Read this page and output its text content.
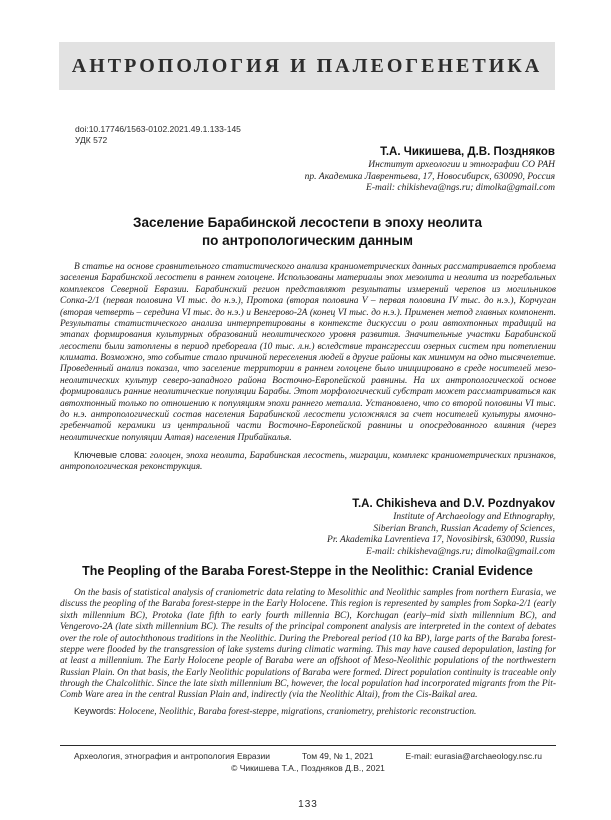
АНТРОПОЛОГИЯ И ПАЛЕОГЕНЕТИКА
doi:10.17746/1563-0102.2021.49.1.133-145
УДК 572
Т.А. Чикишева, Д.В. Поздняков
Институт археологии и этнографии СО РАН
пр. Академика Лаврентьева, 17, Новосибирск, 630090, Россия
E-mail: chikisheva@ngs.ru; dimolka@gmail.com
Заселение Барабинской лесостепи в эпоху неолита
по антропологическим данным

В статье на основе сравнительного статистического анализа краниометрических данных рассматривается проблема заселения Барабинской лесостепи в раннем голоцене. Использованы материалы эпох мезолита и неолита из погребальных комплексов Северной Евразии. Барабинский регион представляют результаты измерений черепов из могильников Сопка-2/1 (первая половина VI тыс. до н.э.), Протока (вторая половина V – первая половина IV тыс. до н.э.), Корчуган (вторая четверть – середина VI тыс. до н.э.) и Венгерово-2А (конец VI тыс. до н.э.). Применен метод главных компонент. Результаты статистического анализа интерпретированы в контексте дискуссии о роли автохтонных традиций на этапах формирования культурных образований неолитического уровня развития. Значительные участки Барабинской лесостепи были затоплены в период пребореала (10 тыс. л.н.) вследствие трансгрессии озерных систем при потеплении климата. Возможно, это событие стало причиной переселения людей в другие районы как минимум на одно тысячелетие. Проведенный анализ показал, что заселение территории в раннем голоцене было инициировано в среде носителей мезо-неолитических культур северо-западного района Восточно-Европейской равнины. На их антропологической основе формировались ранние неолитические популяции Барабы. Этот морфологический субстрат может рассматриваться как автохтонный только по отношению к популяциям эпохи раннего металла. Установлено, что со второй половины VI тыс. до н.э. антропологический состав населения Барабинской лесостепи усложнялся за счет носителей культуры ямочно-гребенчатой керамики из центральной части Восточно-Европейской равнины и опосредованного влияния (через неолитические популяции Алтая) населения Прибайкалья.

Ключевые слова: голоцен, эпоха неолита, Барабинская лесостепь, миграции, комплекс краниометрических признаков, антропологическая реконструкция.

T.A. Chikisheva and D.V. Pozdnyakov
Institute of Archaeology and Ethnography,
Siberian Branch, Russian Academy of Sciences,
Pr. Akademika Lavrentieva 17, Novosibirsk, 630090, Russia
E-mail: chikisheva@ngs.ru; dimolka@gmail.com
The Peopling of the Baraba Forest-Steppe in the Neolithic: Cranial Evidence

On the basis of statistical analysis of craniometric data relating to Mesolithic and Neolithic samples from northern Eurasia, we discuss the peopling of the Baraba forest-steppe in the Early Holocene. This region is represented by samples from Sopka-2/1 (early sixth millennium BC), Protoka (late fifth to early fourth millennia BC), Korchugan (early–mid sixth millennium BC), and Vengerovo-2A (late sixth millennium BC). The results of the principal component analysis are interpreted in the context of debates over the role of autochthonous traditions in the Neolithic. During the Preboreal period (10 ka BP), large parts of the Baraba forest-steppe were flooded by the transgression of lake systems during climatic warming. This may have caused depopulation, lasting for at least a millennium. The Early Holocene people of Baraba were an offshoot of Meso-Neolithic populations of the northwestern Russian Plain. On that basis, the Early Neolithic populations of Baraba were formed. Direct population continuity is traceable only through the Chalcolithic. Since the late sixth millennium BC, however, the local population had incorporated migrants from the Pit-Comb Ware area in the central Russian Plain and, indirectly (via the Neolithic Altai), from the Cis-Baikal area.

Keywords: Holocene, Neolithic, Baraba forest-steppe, migrations, craniometry, prehistoric reconstruction.

Археология, этнография и антропология Евразии	Том 49, № 1, 2021	E-mail: eurasia@archaeology.nsc.ru
© Чикишева Т.А., Поздняков Д.В., 2021
133
